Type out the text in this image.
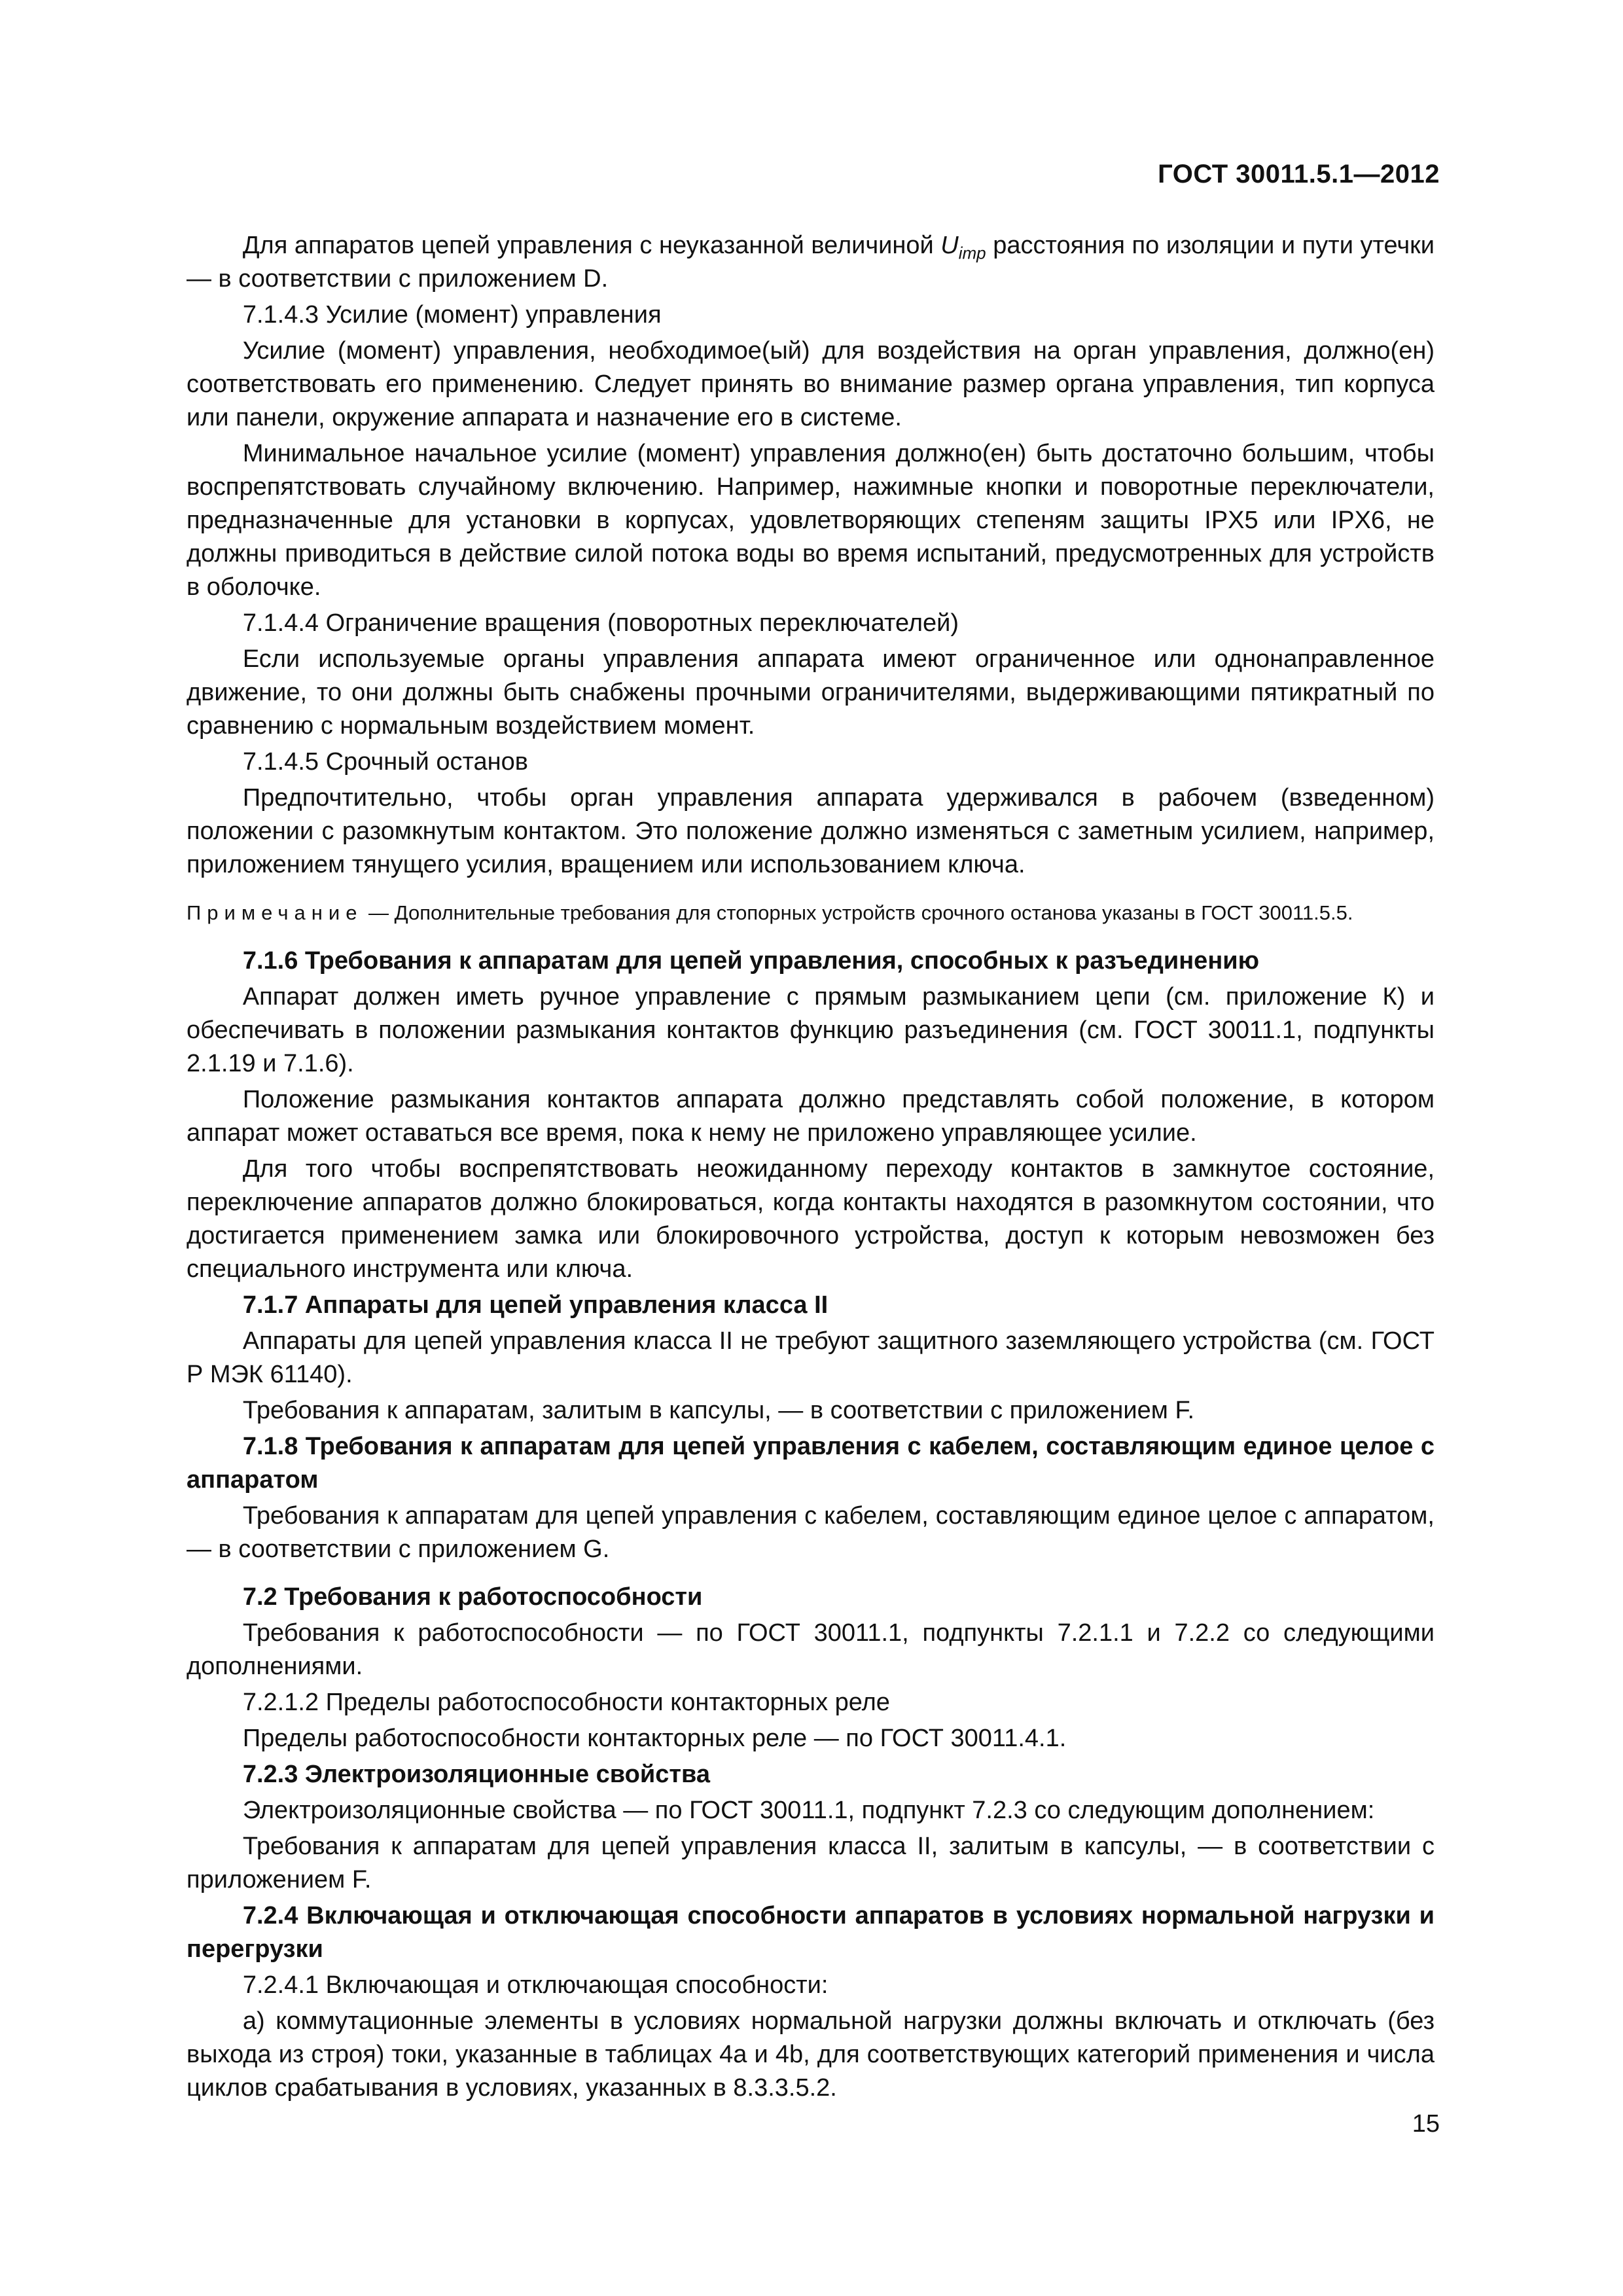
ГОСТ 30011.5.1—2012

Для аппаратов цепей управления с неуказанной величиной $U_{imp}$ расстояния по изоляции и пути утечки — в соответствии с приложением D.

7.1.4.3 Усилие (момент) управления

Усилие (момент) управления, необходимое(ый) для воздействия на орган управления, должно(ен) соответствовать его применению. Следует принять во внимание размер органа управления, тип корпуса или панели, окружение аппарата и назначение его в системе.

Минимальное начальное усилие (момент) управления должно(ен) быть достаточно большим, чтобы воспрепятствовать случайному включению. Например, нажимные кнопки и поворотные переключатели, предназначенные для установки в корпусах, удовлетворяющих степеням защиты IPX5 или IPX6, не должны приводиться в действие силой потока воды во время испытаний, предусмотренных для устройств в оболочке.

7.1.4.4 Ограничение вращения (поворотных переключателей)

Если используемые органы управления аппарата имеют ограниченное или однонаправленное движение, то они должны быть снабжены прочными ограничителями, выдерживающими пятикратный по сравнению с нормальным воздействием момент.

7.1.4.5 Срочный останов

Предпочтительно, чтобы орган управления аппарата удерживался в рабочем (взведенном) положении с разомкнутым контактом. Это положение должно изменяться с заметным усилием, например, приложением тянущего усилия, вращением или использованием ключа.

Примечание — Дополнительные требования для стопорных устройств срочного останова указаны в ГОСТ 30011.5.5.

7.1.6 Требования к аппаратам для цепей управления, способных к разъединению

Аппарат должен иметь ручное управление с прямым размыканием цепи (см. приложение К) и обеспечивать в положении размыкания контактов функцию разъединения (см. ГОСТ 30011.1, подпункты 2.1.19 и 7.1.6).

Положение размыкания контактов аппарата должно представлять собой положение, в котором аппарат может оставаться все время, пока к нему не приложено управляющее усилие.

Для того чтобы воспрепятствовать неожиданному переходу контактов в замкнутое состояние, переключение аппаратов должно блокироваться, когда контакты находятся в разомкнутом состоянии, что достигается применением замка или блокировочного устройства, доступ к которым невозможен без специального инструмента или ключа.

7.1.7 Аппараты для цепей управления класса II

Аппараты для цепей управления класса II не требуют защитного заземляющего устройства (см. ГОСТ Р МЭК 61140).

Требования к аппаратам, залитым в капсулы, — в соответствии с приложением F.

7.1.8 Требования к аппаратам для цепей управления с кабелем, составляющим единое целое с аппаратом

Требования к аппаратам для цепей управления с кабелем, составляющим единое целое с аппаратом, — в соответствии с приложением G.

7.2 Требования к работоспособности

Требования к работоспособности — по ГОСТ 30011.1, подпункты 7.2.1.1 и 7.2.2 со следующими дополнениями.

7.2.1.2 Пределы работоспособности контакторных реле

Пределы работоспособности контакторных реле — по ГОСТ 30011.4.1.

7.2.3 Электроизоляционные свойства

Электроизоляционные свойства — по ГОСТ 30011.1, подпункт 7.2.3 со следующим дополнением:

Требования к аппаратам для цепей управления класса II, залитым в капсулы, — в соответствии с приложением F.

7.2.4 Включающая и отключающая способности аппаратов в условиях нормальной нагрузки и перегрузки

7.2.4.1 Включающая и отключающая способности:

а) коммутационные элементы в условиях нормальной нагрузки должны включать и отключать (без выхода из строя) токи, указанные в таблицах 4а и 4b, для соответствующих категорий применения и числа циклов срабатывания в условиях, указанных в 8.3.3.5.2.

15
